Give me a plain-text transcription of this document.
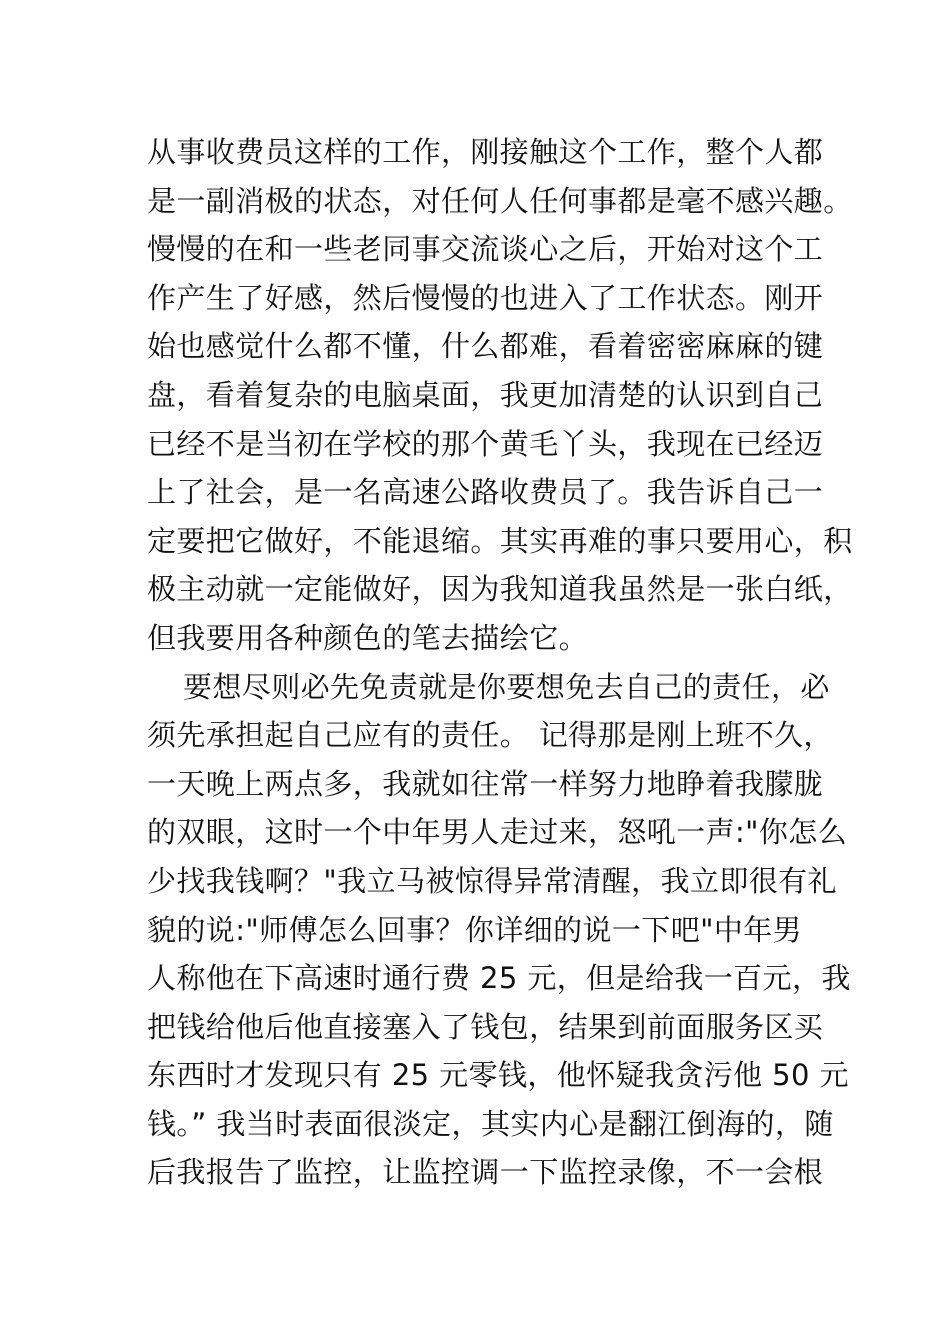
从事收费员这样的工作，刚接触这个工作，整个人都
是一副消极的状态，对任何人任何事都是毫不感兴趣。
慢慢的在和一些老同事交流谈心之后，开始对这个工
作产生了好感，然后慢慢的也进入了工作状态。刚开
始也感觉什么都不懂，什么都难，看着密密麻麻的键
盘，看着复杂的电脑桌面，我更加清楚的认识到自己
已经不是当初在学校的那个黄毛丫头，我现在已经迈
上了社会，是一名高速公路收费员了。我告诉自己一
定要把它做好，不能退缩。其实再难的事只要用心，积
极主动就一定能做好，因为我知道我虽然是一张白纸，
但我要用各种颜色的笔去描绘它。
要想尽则必先免责就是你要想免去自己的责任，必
须先承担起自己应有的责任。 记得那是刚上班不久，
一天晚上两点多，我就如往常一样努力地睁着我朦胧
的双眼，这时一个中年男人走过来，怒吼一声:"你怎么
少找我钱啊？"我立马被惊得异常清醒，我立即很有礼
貌的说:"师傅怎么回事？你详细的说一下吧"中年男
人称他在下高速时通行费 25 元，但是给我一百元，我
把钱给他后他直接塞入了钱包，结果到前面服务区买
东西时才发现只有 25 元零钱，他怀疑我贪污他 50 元
钱。” 我当时表面很淡定，其实内心是翻江倒海的，随
后我报告了监控，让监控调一下监控录像，不一会根
